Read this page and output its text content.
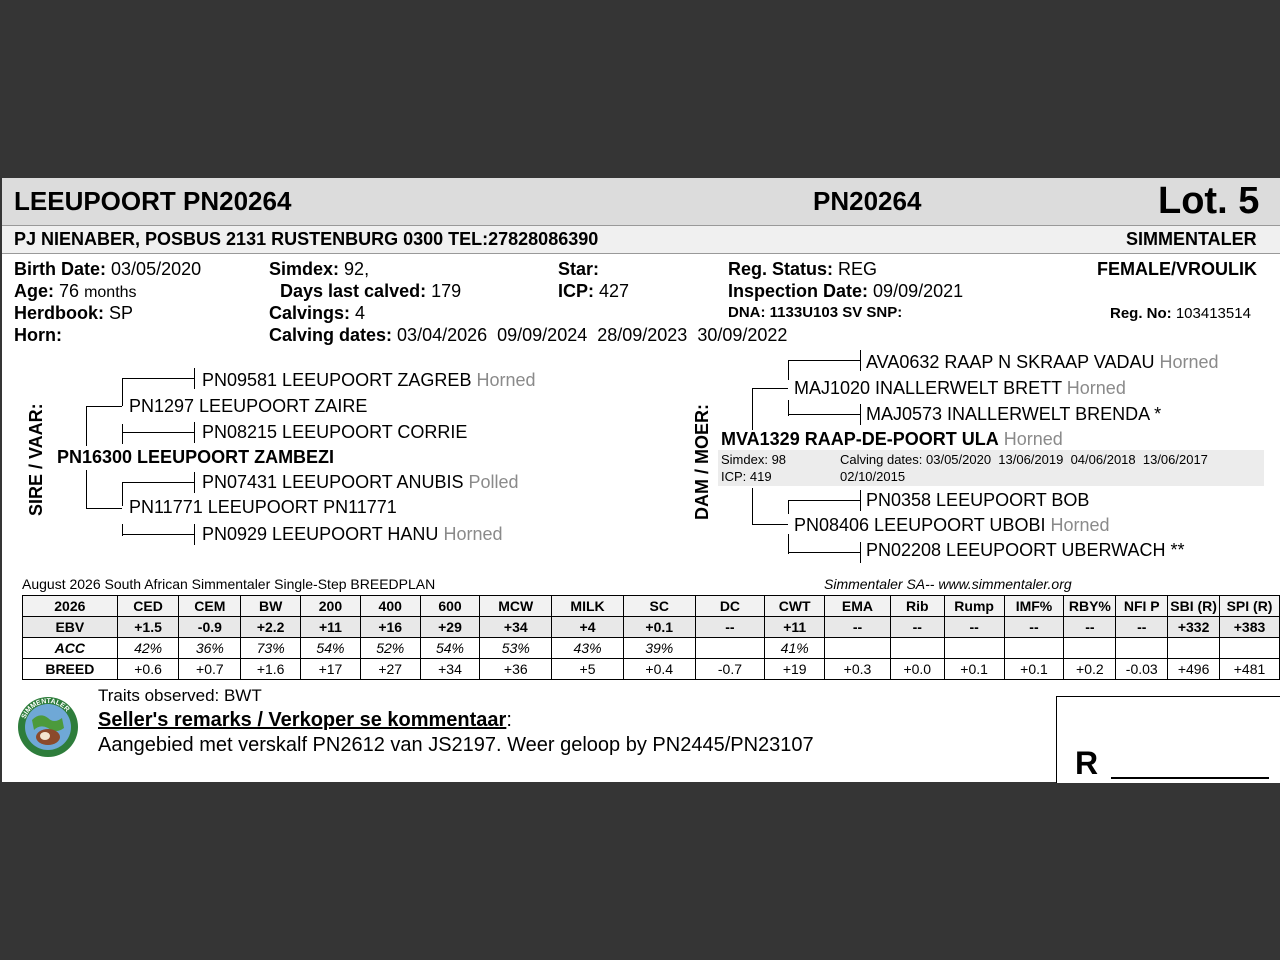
LEEUPOORT PN20264	PN20264	Lot. 5
PJ NIENABER, POSBUS 2131 RUSTENBURG 0300 TEL:27828086390	SIMMENTALER
Birth Date: 03/05/2020
Age: 76 months
Herdbook: SP
Horn:
Simdex: 92,
Days last calved: 179
Calvings: 4
Calving dates: 03/04/2026  09/09/2024  28/09/2023  30/09/2022
Star:
ICP: 427
Reg. Status: REG
Inspection Date: 09/09/2021
DNA: 1133U103 SV SNP:
FEMALE/VROULIK
Reg. No: 103413514
SIRE / VAAR:
PN09581 LEEUPOORT ZAGREB Horned
PN1297 LEEUPOORT ZAIRE
PN08215 LEEUPOORT CORRIE
PN16300 LEEUPOORT ZAMBEZI
PN07431 LEEUPOORT ANUBIS Polled
PN11771 LEEUPOORT PN11771
PN0929 LEEUPOORT HANU Horned
DAM / MOER:
AVA0632 RAAP N SKRAAP VADAU Horned
MAJ1020 INALLERWELT BRETT Horned
MAJ0573 INALLERWELT BRENDA *
MVA1329 RAAP-DE-POORT ULA Horned
Simdex: 98
ICP: 419
Calving dates: 03/05/2020  13/06/2019  04/06/2018  13/06/2017
02/10/2015
PN0358 LEEUPOORT BOB
PN08406 LEEUPOORT UBOBI Horned
PN02208 LEEUPOORT UBERWACH **
August 2026 South African Simmentaler Single-Step BREEDPLAN	Simmentaler SA-- www.simmentaler.org
2026	CED	CEM	BW	200	400	600	MCW	MILK	SC	DC	CWT	EMA	Rib	Rump	IMF%	RBY%	NFI P	SBI (R)	SPI (R)
EBV	+1.5	-0.9	+2.2	+11	+16	+29	+34	+4	+0.1	--	+11	--	--	--	--	--	--	+332	+383
ACC	42%	36%	73%	54%	52%	54%	53%	43%	39%		41%								
BREED	+0.6	+0.7	+1.6	+17	+27	+34	+36	+5	+0.4	-0.7	+19	+0.3	+0.0	+0.1	+0.1	+0.2	-0.03	+496	+481
SIMMENTALER
Traits observed: BWT
Seller's remarks / Verkoper se kommentaar:
Aangebied met verskalf PN2612 van JS2197. Weer geloop by PN2445/PN23107	R
